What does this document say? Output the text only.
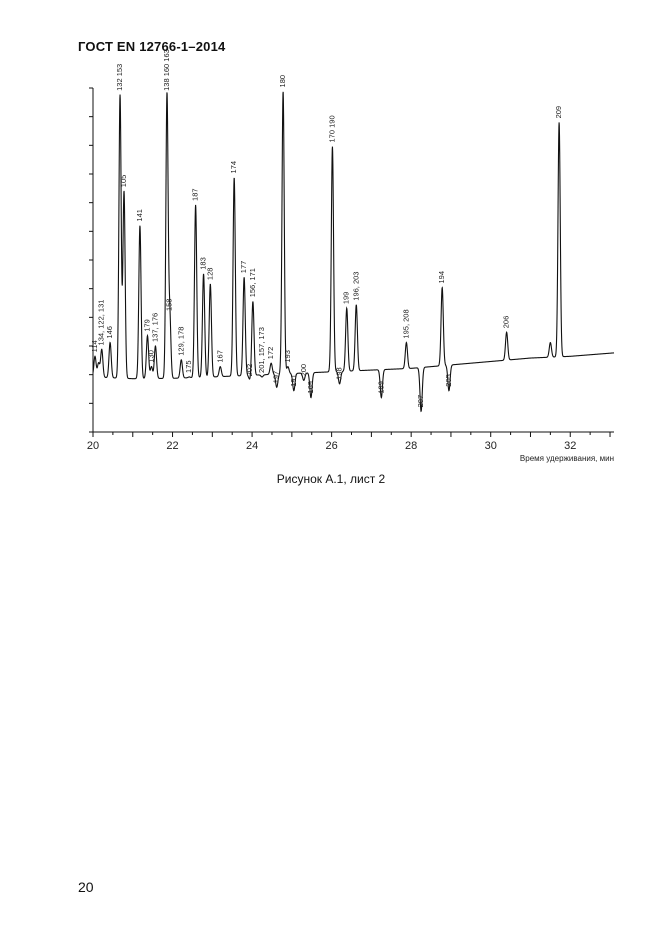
ГОСТ EN 12766-1–2014
20	22	24	26	28	30	32
114
134, 122, 131 146
132 153
105
141
179
130
137, 176
138 160 163
158
129, 178
175
187
183
128
167
174
177
202
156, 171
201, 157, 173 172
197
180
193
191
200
169
170 190
198
199 196, 203
189
195, 208
207
194
205
206
209
Время удерживания, мин
Рисунок А.1, лист 2
20
